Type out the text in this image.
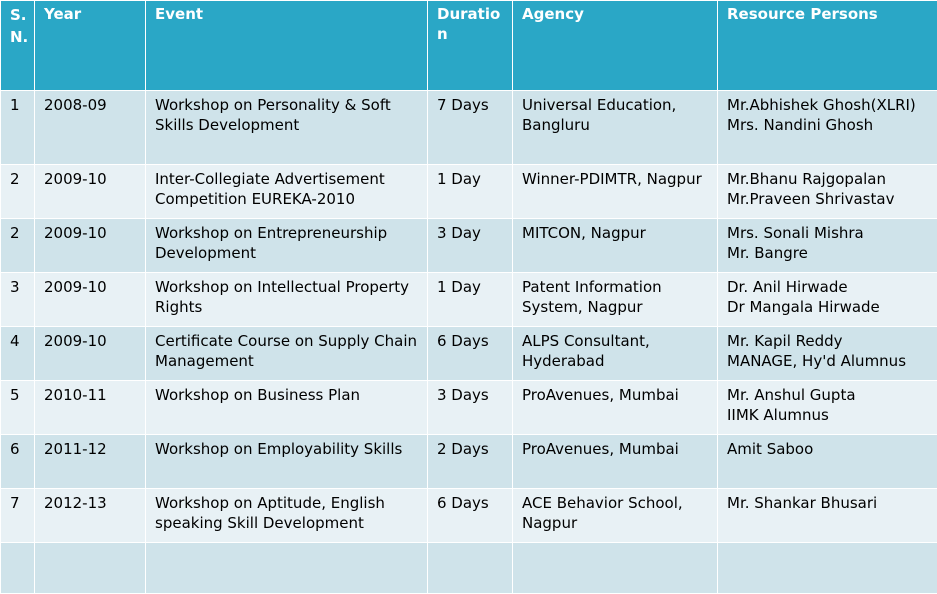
S.N.	Year	Event	Duration	Agency	Resource Persons
1	2008-09	Workshop on Personality & Soft Skills Development	7 Days	Universal Education, Bangluru	Mr.Abhishek Ghosh(XLRI)
Mrs. Nandini Ghosh

2	2009-10	Inter-Collegiate Advertisement Competition EUREKA-2010	1 Day	Winner-PDIMTR, Nagpur	Mr.Bhanu Rajgopalan
Mr.Praveen Shrivastav

2	2009-10	Workshop on Entrepreneurship Development	3 Day	MITCON, Nagpur	Mrs. Sonali Mishra
Mr. Bangre

3	2009-10	Workshop on Intellectual Property Rights	1 Day	Patent Information System, Nagpur	Dr. Anil Hirwade
Dr Mangala Hirwade

4	2009-10	Certificate Course on Supply Chain Management	6 Days	ALPS Consultant, Hyderabad	Mr. Kapil Reddy
MANAGE, Hy'd Alumnus

5	2010-11	Workshop on Business Plan	3 Days	ProAvenues, Mumbai	Mr. Anshul Gupta
IIMK Alumnus

6	2011-12	Workshop on Employability Skills	2 Days	ProAvenues, Mumbai	Amit Saboo

7	2012-13	Workshop on Aptitude, English speaking Skill Development	6 Days	ACE Behavior School, Nagpur	Mr. Shankar Bhusari
